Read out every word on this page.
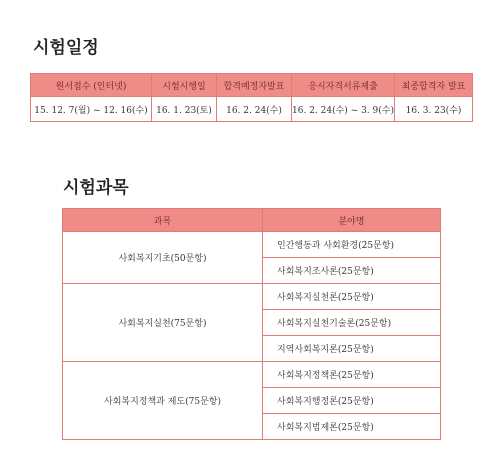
시험일정
원서접수 (인터넷)	시험시행일	합격예정자발표	응시자격서류제출	최종합격자 발표
15. 12. 7(월) ~ 12. 16(수)	16. 1. 23(토)	16. 2. 24(수)	16. 2. 24(수) ~ 3. 9(수)	16. 3. 23(수)
시험과목
과목	분야명
사회복지기초(50문항)	인간행동과 사회환경(25문항)
	사회복지조사론(25문항)
사회복지실천(75문항)	사회복지실천론(25문항)
	사회복지실천기술론(25문항)
	지역사회복지론(25문항)
사회복지정책과 제도(75문항)	사회복지정책론(25문항)
	사회복지행정론(25문항)
	사회복지법제론(25문항)
